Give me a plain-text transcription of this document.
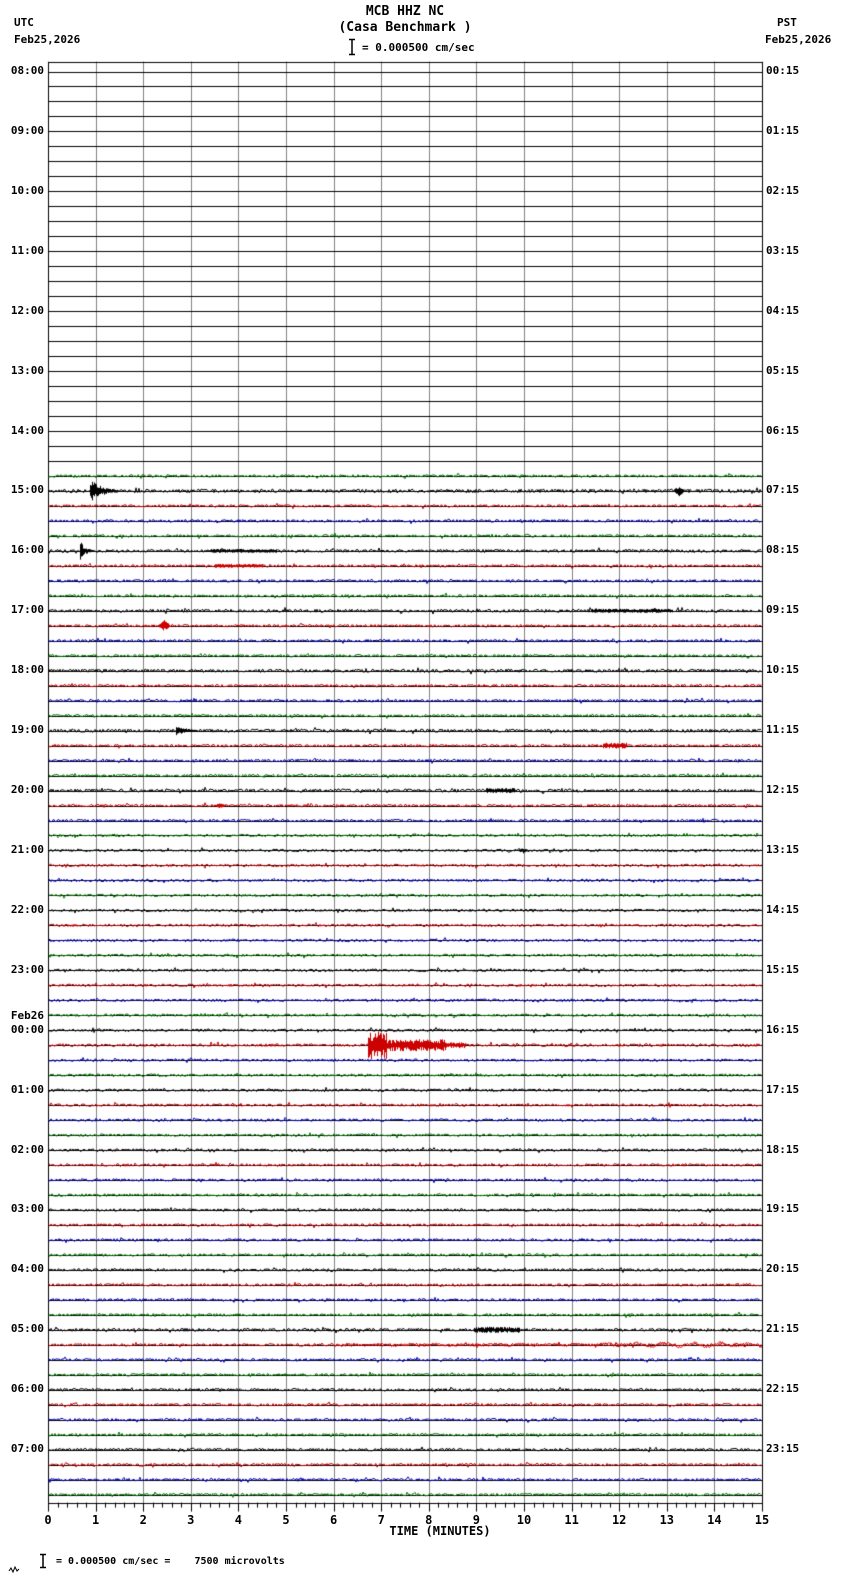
MCB HHZ NC
(Casa Benchmark )
UTC
Feb25,2026
PST
Feb25,2026
= 0.000500 cm/sec
08:00
09:00
10:00
11:00
12:00
13:00
14:00
15:00
16:00
17:00
18:00
19:00
20:00
21:00
22:00
23:00
Feb26
00:00
01:00
02:00
03:00
04:00
05:00
06:00
07:00
00:15
01:15
02:15
03:15
04:15
05:15
06:15
07:15
08:15
09:15
10:15
11:15
12:15
13:15
14:15
15:15
16:15
17:15
18:15
19:15
20:15
21:15
22:15
23:15
0	1	2	3	4	5	6	7	8	9	10	11	12	13	14	15
TIME (MINUTES)
= 0.000500 cm/sec =    7500 microvolts
